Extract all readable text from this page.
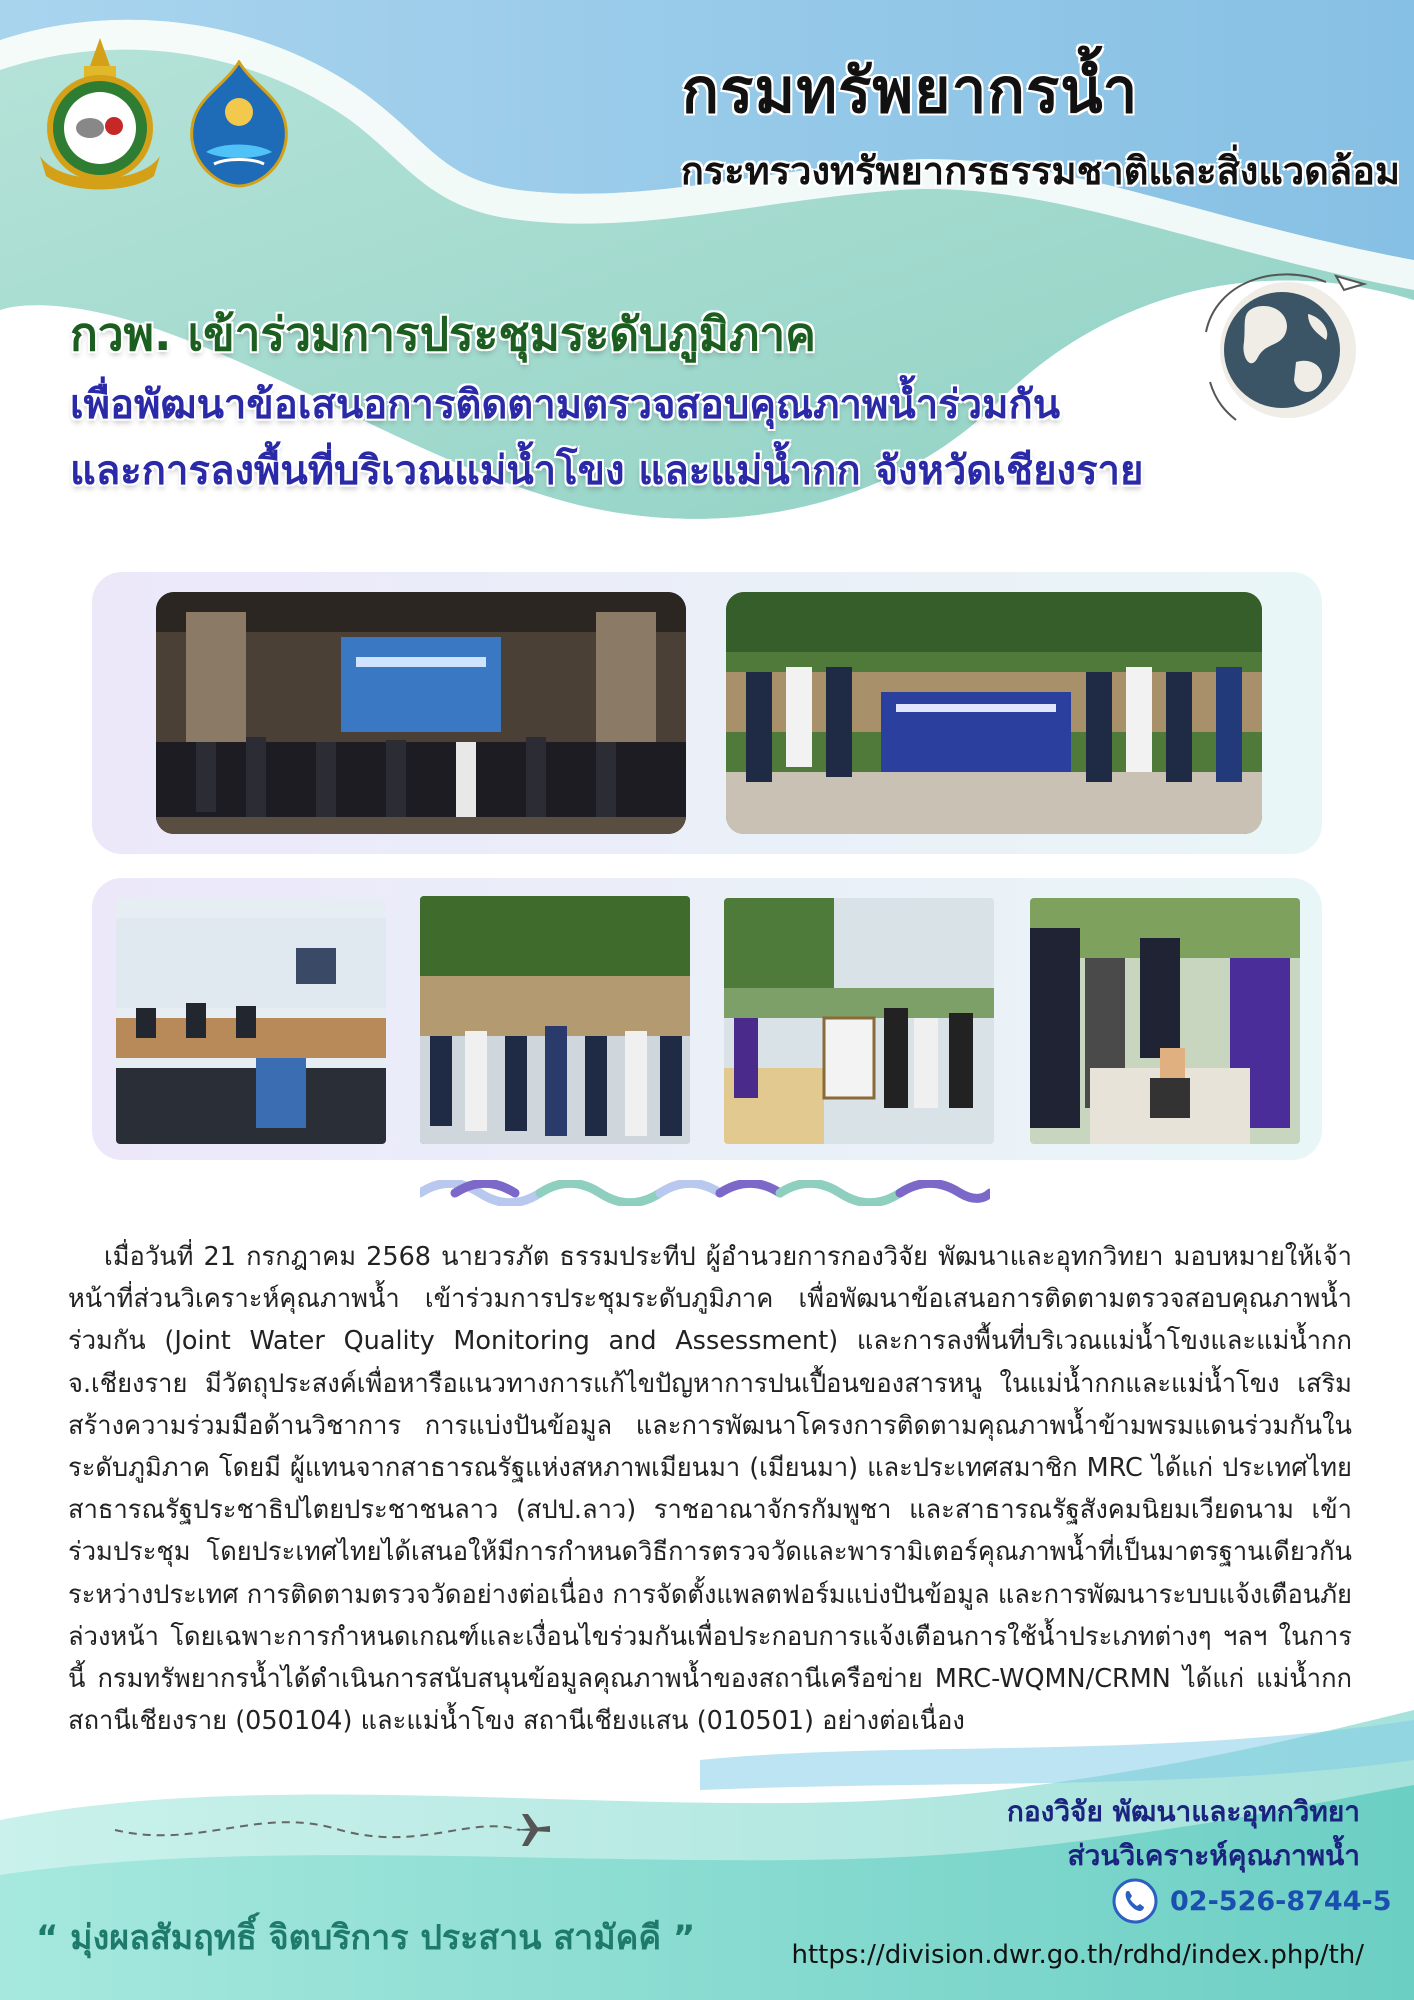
กรมทรัพยากรน้ำ
กระทรวงทรัพยากรธรรมชาติและสิ่งแวดล้อม
กวพ. เข้าร่วมการประชุมระดับภูมิภาค
เพื่อพัฒนาข้อเสนอการติดตามตรวจสอบคุณภาพน้ำร่วมกัน
และการลงพื้นที่บริเวณแม่น้ำโขง และแม่น้ำกก จังหวัดเชียงราย

เมื่อวันที่ 21 กรกฎาคม 2568 นายวรภัต ธรรมประทีป ผู้อำนวยการกองวิจัย พัฒนาและอุทกวิทยา มอบหมายให้เจ้าหน้าที่ส่วนวิเคราะห์คุณภาพน้ำ เข้าร่วมการประชุมระดับภูมิภาค เพื่อพัฒนาข้อเสนอการติดตามตรวจสอบคุณภาพน้ำร่วมกัน (Joint Water Quality Monitoring and Assessment) และการลงพื้นที่บริเวณแม่น้ำโขงและแม่น้ำกก จ.เชียงราย มีวัตถุประสงค์เพื่อหารือแนวทางการแก้ไขปัญหาการปนเปื้อนของสารหนู ในแม่น้ำกกและแม่น้ำโขง เสริมสร้างความร่วมมือด้านวิชาการ การแบ่งปันข้อมูล และการพัฒนาโครงการติดตามคุณภาพน้ำข้ามพรมแดนร่วมกันในระดับภูมิภาค โดยมี ผู้แทนจากสาธารณรัฐแห่งสหภาพเมียนมา (เมียนมา) และประเทศสมาชิก MRC ได้แก่ ประเทศไทย สาธารณรัฐประชาธิปไตยประชาชนลาว (สปป.ลาว) ราชอาณาจักรกัมพูชา และสาธารณรัฐสังคมนิยมเวียดนาม เข้าร่วมประชุม โดยประเทศไทยได้เสนอให้มีการกำหนดวิธีการตรวจวัดและพารามิเตอร์คุณภาพน้ำที่เป็นมาตรฐานเดียวกันระหว่างประเทศ การติดตามตรวจวัดอย่างต่อเนื่อง การจัดตั้งแพลตฟอร์มแบ่งปันข้อมูล และการพัฒนาระบบแจ้งเตือนภัยล่วงหน้า โดยเฉพาะการกำหนดเกณฑ์และเงื่อนไขร่วมกันเพื่อประกอบการแจ้งเตือนการใช้น้ำประเภทต่างๆ ฯลฯ ในการนี้ กรมทรัพยากรน้ำได้ดำเนินการสนับสนุนข้อมูลคุณภาพน้ำของสถานีเครือข่าย MRC-WQMN/CRMN ได้แก่ แม่น้ำกก สถานีเชียงราย (050104) และแม่น้ำโขง สถานีเชียงแสน (010501) อย่างต่อเนื่อง

กองวิจัย พัฒนาและอุทกวิทยา
ส่วนวิเคราะห์คุณภาพน้ำ
“ มุ่งผลสัมฤทธิ์ จิตบริการ ประสาน สามัคคี ”
02-526-8744-5
https://division.dwr.go.th/rdhd/index.php/th/
